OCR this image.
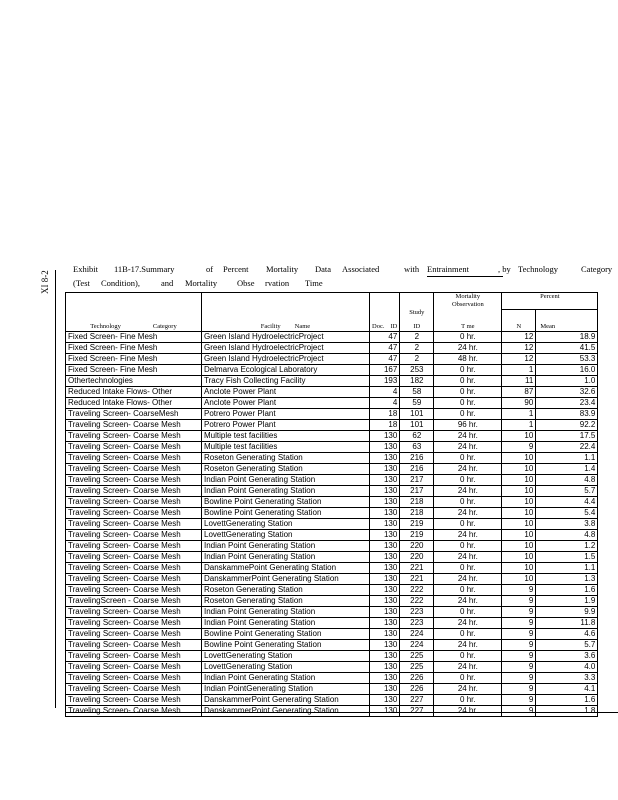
XI 8-2
Exhibit 11B-17.Summary	of Percent Mortality Data Associated	with Entrainment	, by Technology	Category
(Test Condition), and Mortality Obse rvation Time

				Mortality
Observation	Percent	
			Study			
Technology Category	Facility Name	Doc. ID	ID	T me	N	Mean
Fixed Screen- Fine Mesh	Green Island HydroelectricProject	47	2	0 hr.	12	18.9
Fixed Screen- Fine Mesh	Green Island HydroelectricProject	47	2	24 hr.	12	41.5
Fixed Screen- Fine Mesh	Green Island HydroelectricProject	47	2	48 hr.	12	53.3
Fixed Screen- Fine Mesh	Delmarva Ecological Laboratory	167	253	0 hr.	1	16.0
Othertechnologies	Tracy Fish Collecting Facility	193	182	0 hr.	11	1.0
Reduced Intake Flows- Other	Anclote Power Plant	4	58	0 hr.	87	32.6
Reduced Intake Flows- Other	Anclote Power Plant	4	59	0 hr.	90	23.4
Traveling Screen- CoarseMesh	Potrero Power Plant	18	101	0 hr.	1	83.9
Traveling Screen- Coarse Mesh	Potrero Power Plant	18	101	96 hr.	1	92.2
Traveling Screen- Coarse Mesh	Multiple test facilities	130	62	24 hr.	10	17.5
Traveling Screen- Coarse Mesh	Multiple test facilities	130	63	24 hr.	9	22.4
Traveling Screen- Coarse Mesh	Roseton Generating Station	130	216	0 hr.	10	1.1
Traveling Screen- Coarse Mesh	Roseton Generating Station	130	216	24 hr.	10	1.4
Traveling Screen- Coarse Mesh	Indian Point Generating Station	130	217	0 hr.	10	4.8
Traveling Screen- Coarse Mesh	Indian Point Generating Station	130	217	24 hr.	10	5.7
Traveling Screen- Coarse Mesh	Bowline Point Generating Station	130	218	0 hr.	10	4.4
Traveling Screen- Coarse Mesh	Bowline Point Generating Station	130	218	24 hr.	10	5.4
Traveling Screen- Coarse Mesh	LovettGenerating Station	130	219	0 hr.	10	3.8
Traveling Screen- Coarse Mesh	LovettGenerating Station	130	219	24 hr.	10	4.8
Traveling Screen- Coarse Mesh	Indian Point Generating Station	130	220	0 hr.	10	1.2
Traveling Screen- Coarse Mesh	Indian Point Generating Station	130	220	24 hr.	10	1.5
Traveling Screen- Coarse Mesh	DanskammePoint Generating Station	130	221	0 hr.	10	1.1
Traveling Screen- Coarse Mesh	DanskammerPoint Generating Station	130	221	24 hr.	10	1.3
Traveling Screen- Coarse Mesh	Roseton Generating Station	130	222	0 hr.	9	1.6
TravelingScreen - Coarse Mesh	Roseton Generating Station	130	222	24 hr.	9	1.9
Traveling Screen- Coarse Mesh	Indian Point Generating Station	130	223	0 hr.	9	9.9
Traveling Screen- Coarse Mesh	Indian Point Generating Station	130	223	24 hr.	9	11.8
Traveling Screen- Coarse Mesh	Bowline Point Generating Station	130	224	0 hr.	9	4.6
Traveling Screen- Coarse Mesh	Bowline Point Generating Station	130	224	24 hr.	9	5.7
Traveling Screen- Coarse Mesh	LovettGenerating Station	130	225	0 hr.	9	3.6
Traveling Screen- Coarse Mesh	LovettGenerating Station	130	225	24 hr.	9	4.0
Traveling Screen- Coarse Mesh	Indian Point Generating Station	130	226	0 hr.	9	3.3
Traveling Screen- Coarse Mesh	Indian PointGenerating Station	130	226	24 hr.	9	4.1
Traveling Screen- Coarse Mesh	DanskammerPoint Generating Station	130	227	0 hr.	9	1.6
Traveling Screen- Coarse Mesh	DanskammerPoint Generating Station	130	227	24 hr.	9	1.8
